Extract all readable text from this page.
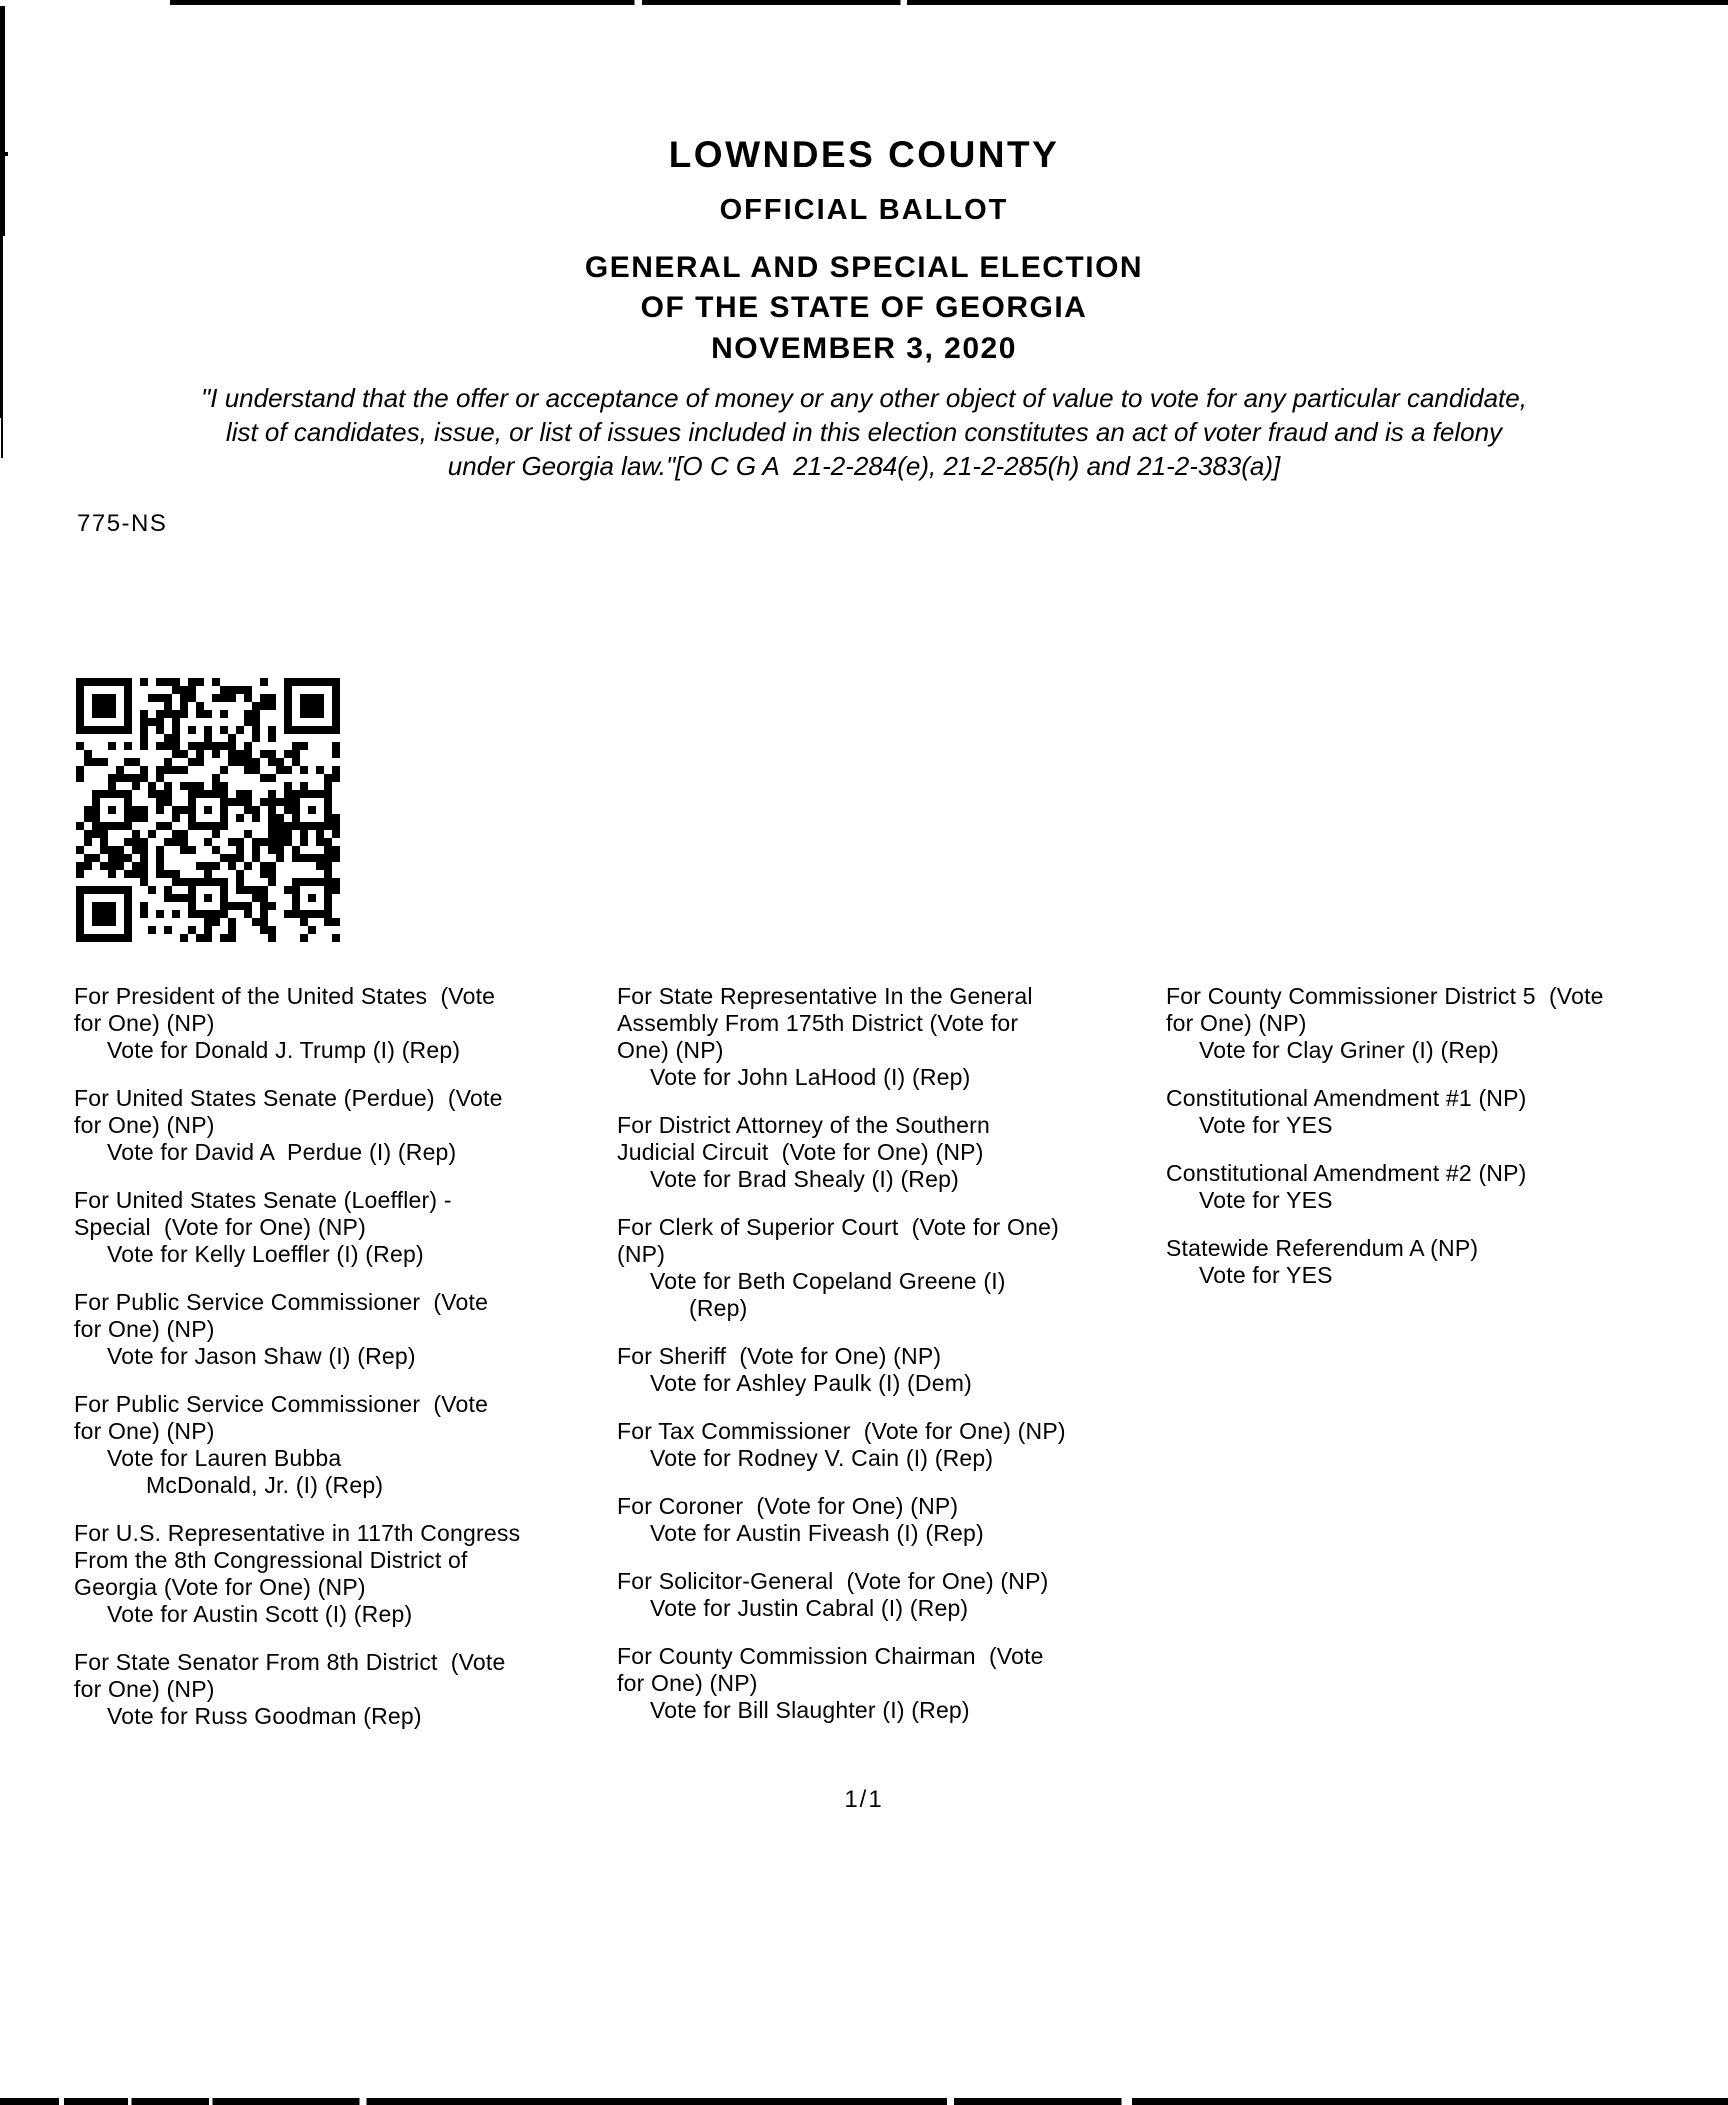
LOWNDES COUNTY
OFFICIAL BALLOT
GENERAL AND SPECIAL ELECTION
OF THE STATE OF GEORGIA
NOVEMBER 3, 2020
"I understand that the offer or acceptance of money or any other object of value to vote for any particular candidate,
list of candidates, issue, or list of issues included in this election constitutes an act of voter fraud and is a felony
under Georgia law."[O C G A  21-2-284(e), 21-2-285(h) and 21-2-383(a)]
775-NS
For President of the United States  (Vote
for One) (NP)
Vote for Donald J. Trump (I) (Rep)
For United States Senate (Perdue)  (Vote
for One) (NP)
Vote for David A  Perdue (I) (Rep)
For United States Senate (Loeffler) -
Special  (Vote for One) (NP)
Vote for Kelly Loeffler (I) (Rep)
For Public Service Commissioner  (Vote
for One) (NP)
Vote for Jason Shaw (I) (Rep)
For Public Service Commissioner  (Vote
for One) (NP)
Vote for Lauren Bubba
McDonald, Jr. (I) (Rep)
For U.S. Representative in 117th Congress
From the 8th Congressional District of
Georgia (Vote for One) (NP)
Vote for Austin Scott (I) (Rep)
For State Senator From 8th District  (Vote
for One) (NP)
Vote for Russ Goodman (Rep)
For State Representative In the General
Assembly From 175th District (Vote for
One) (NP)
Vote for John LaHood (I) (Rep)
For District Attorney of the Southern
Judicial Circuit  (Vote for One) (NP)
Vote for Brad Shealy (I) (Rep)
For Clerk of Superior Court  (Vote for One)
(NP)
Vote for Beth Copeland Greene (I)
(Rep)
For Sheriff  (Vote for One) (NP)
Vote for Ashley Paulk (I) (Dem)
For Tax Commissioner  (Vote for One) (NP)
Vote for Rodney V. Cain (I) (Rep)
For Coroner  (Vote for One) (NP)
Vote for Austin Fiveash (I) (Rep)
For Solicitor-General  (Vote for One) (NP)
Vote for Justin Cabral (I) (Rep)
For County Commission Chairman  (Vote
for One) (NP)
Vote for Bill Slaughter (I) (Rep)
For County Commissioner District 5  (Vote
for One) (NP)
Vote for Clay Griner (I) (Rep)
Constitutional Amendment #1 (NP)
Vote for YES
Constitutional Amendment #2 (NP)
Vote for YES
Statewide Referendum A (NP)
Vote for YES
1/1
